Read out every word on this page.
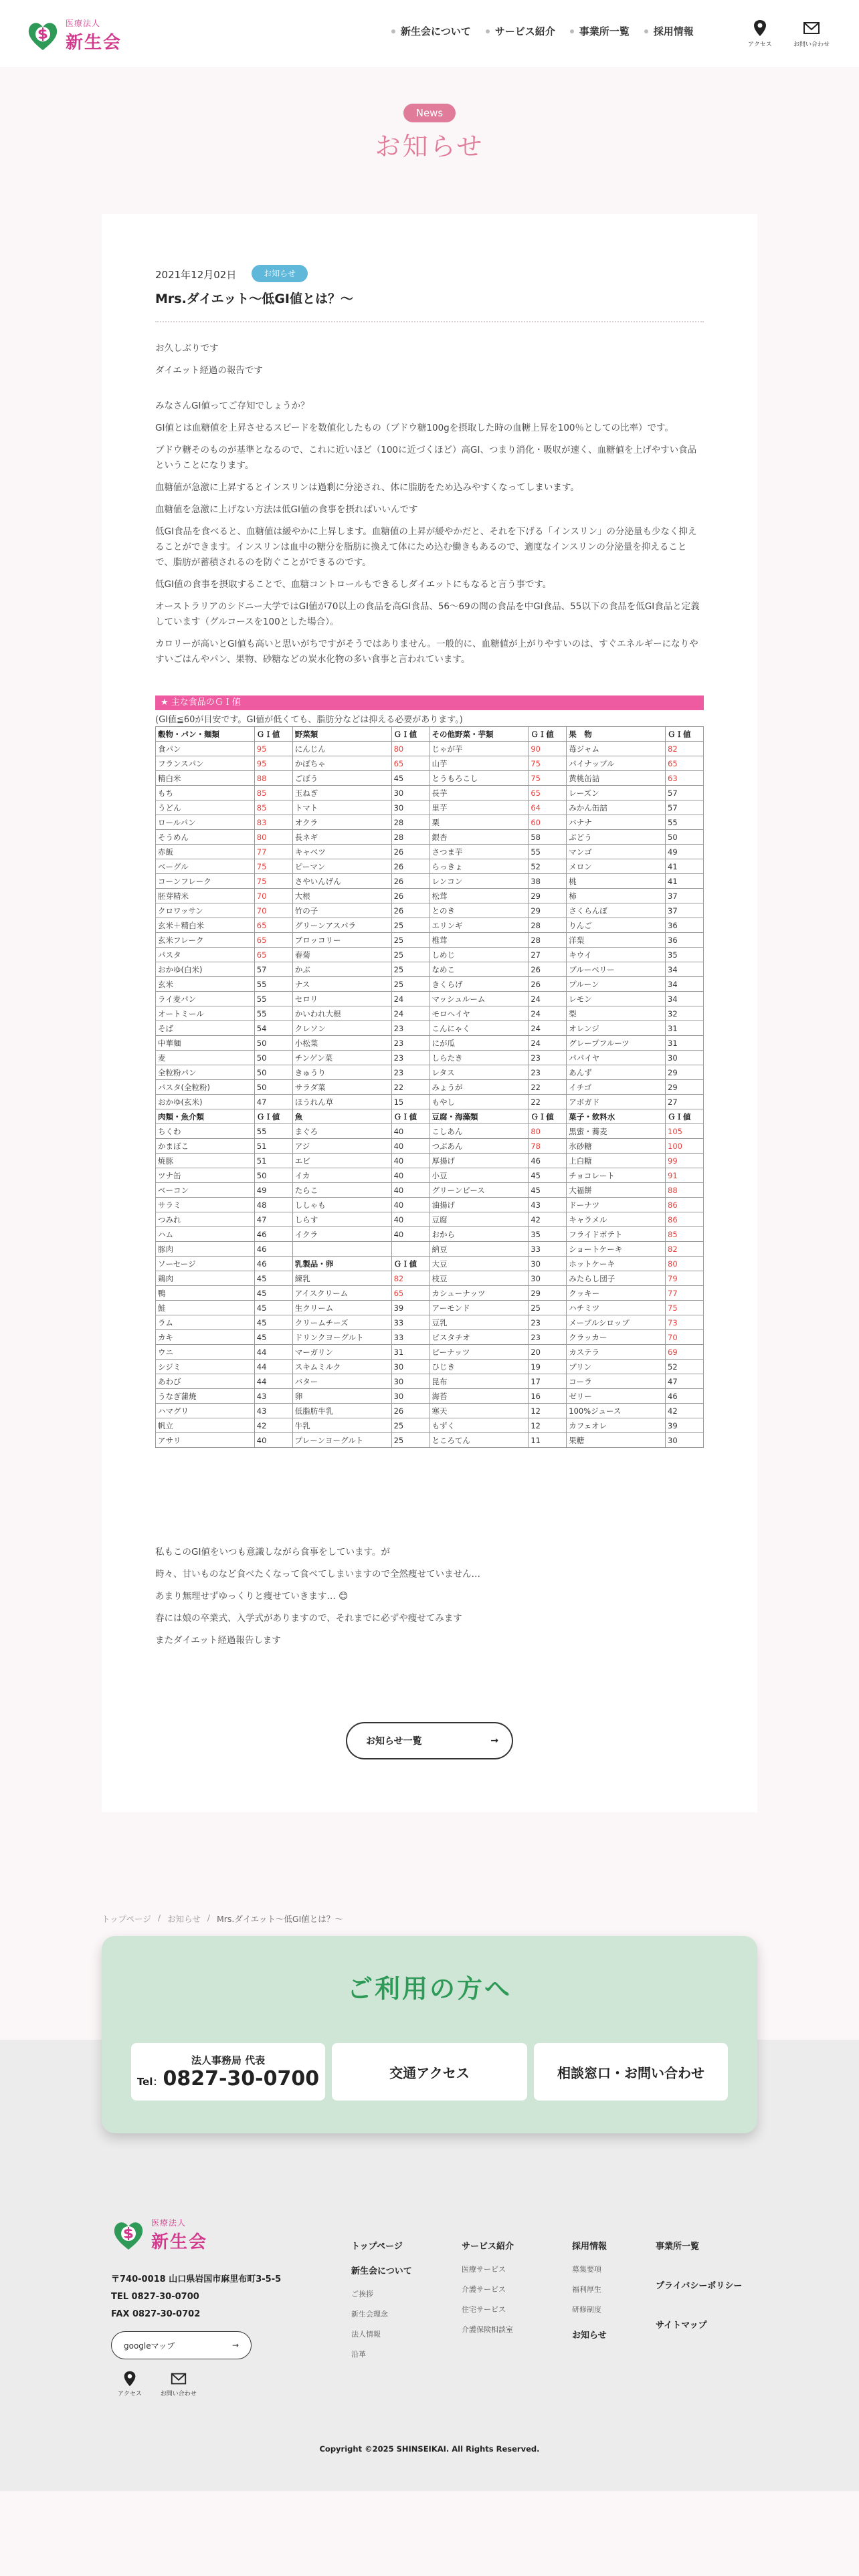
医療法人
新生会
新生会について サービス紹介 事業所一覧 採用情報
アクセス	お問い合わせ
News
お知らせ
2021年12月02日	お知らせ
Mrs.ダイエット～低GI値とは？～

お久しぶりです

ダイエット経過の報告です

みなさんGI値ってご存知でしょうか？

GI値とは血糖値を上昇させるスピードを数値化したもの（ブドウ糖100gを摂取した時の血糖上昇を100％としての比率）です。

ブドウ糖そのものが基準となるので、これに近いほど（100に近づくほど）高GI、つまり消化・吸収が速く、血糖値を上げやすい食品ということになります。

血糖値が急激に上昇するとインスリンは過剰に分泌され、体に脂肪をため込みやすくなってしまいます。

血糖値を急激に上げない方法は低GI値の食事を摂ればいいんです

低GI食品を食べると、血糖値は緩やかに上昇します。血糖値の上昇が緩やかだと、それを下げる「インスリン」の分泌量も少なく抑えることができます。インスリンは血中の糖分を脂肪に換えて体にため込む働きもあるので、適度なインスリンの分泌量を抑えることで、脂肪が蓄積されるのを防ぐことができるのです。

低GI値の食事を摂取することで、血糖コントロールもできるしダイエットにもなると言う事です。

オーストラリアのシドニー大学ではGI値が70以上の食品を高GI食品、56～69の間の食品を中GI食品、55以下の食品を低GI食品と定義しています（グルコースを100とした場合）。

カロリーが高いとGI値も高いと思いがちですがそうではありません。一般的に、血糖値が上がりやすいのは、すぐエネルギーになりやすいごはんやパン、果物、砂糖などの炭水化物の多い食事と言われています。

★ 主な食品のＧＩ値
(GI値≦60が目安です。GI値が低くても、脂肪分などは抑える必要があります。)
穀物・パン・麺類	ＧＩ値	野菜類	ＧＩ値	その他野菜・芋類	ＧＩ値	果　物	ＧＩ値
食パン	95	にんじん	80	じゃが芋	90	苺ジャム	82
フランスパン	95	かぼちゃ	65	山芋	75	パイナップル	65
精白米	88	ごぼう	45	とうもろこし	75	黄桃缶詰	63
もち	85	玉ねぎ	30	長芋	65	レーズン	57
うどん	85	トマト	30	里芋	64	みかん缶詰	57
ロールパン	83	オクラ	28	栗	60	バナナ	55
そうめん	80	長ネギ	28	銀杏	58	ぶどう	50
赤飯	77	キャベツ	26	さつま芋	55	マンゴ	49
ベーグル	75	ピーマン	26	らっきょ	52	メロン	41
コーンフレーク	75	さやいんげん	26	レンコン	38	桃	41
胚芽精米	70	大根	26	松茸	29	柿	37
クロワッサン	70	竹の子	26	とのき	29	さくらんぼ	37
玄米＋精白米	65	グリーンアスパラ	25	エリンギ	28	りんご	36
玄米フレーク	65	ブロッコリー	25	椎茸	28	洋梨	36
パスタ	65	春菊	25	しめじ	27	キウイ	35
おかゆ(白米)	57	かぶ	25	なめこ	26	ブルーベリー	34
玄米	55	ナス	25	きくらげ	26	プルーン	34
ライ麦パン	55	セロリ	24	マッシュルーム	24	レモン	34
オートミール	55	かいわれ大根	24	モロヘイヤ	24	梨	32
そば	54	クレソン	23	こんにゃく	24	オレンジ	31
中華麺	50	小松菜	23	にが瓜	24	グレープフルーツ	31
麦	50	チンゲン菜	23	しらたき	23	パパイヤ	30
全粒粉パン	50	きゅうり	23	レタス	23	あんず	29
パスタ(全粒粉)	50	サラダ菜	22	みょうが	22	イチゴ	29
おかゆ(玄米)	47	ほうれん草	15	もやし	22	アボガド	27
肉類・魚介類	ＧＩ値	魚	ＧＩ値	豆腐・海藻類	ＧＩ値	菓子・飲料水	ＧＩ値
ちくわ	55	まぐろ	40	こしあん	80	黒蜜・蕎麦	105
かまぼこ	51	アジ	40	つぶあん	78	氷砂糖	100
焼豚	51	エビ	40	厚揚げ	46	上白糖	99
ツナ缶	50	イカ	40	小豆	45	チョコレート	91
ベーコン	49	たらこ	40	グリーンピース	45	大福餅	88
サラミ	48	ししゃも	40	油揚げ	43	ドーナツ	86
つみれ	47	しらす	40	豆腐	42	キャラメル	86
ハム	46	イクラ	40	おから	35	フライドポテト	85
豚肉	46			納豆	33	ショートケーキ	82
ソーセージ	46	乳製品・卵	ＧＩ値	大豆	30	ホットケーキ	80
鶏肉	45	練乳	82	枝豆	30	みたらし団子	79
鴨	45	アイスクリーム	65	カシューナッツ	29	クッキー	77
鮭	45	生クリーム	39	アーモンド	25	ハチミツ	75
ラム	45	クリームチーズ	33	豆乳	23	メープルシロップ	73
カキ	45	ドリンクヨーグルト	33	ピスタチオ	23	クラッカー	70
ウニ	44	マーガリン	31	ピーナッツ	20	カステラ	69
シジミ	44	スキムミルク	30	ひじき	19	プリン	52
あわび	44	バター	30	昆布	17	コーラ	47
うなぎ蒲焼	43	卵	30	海苔	16	ゼリー	46
ハマグリ	43	低脂肪牛乳	26	寒天	12	100%ジュース	42
帆立	42	牛乳	25	もずく	12	カフェオレ	39
アサリ	40	プレーンヨーグルト	25	ところてん	11	果糖	30

私もこのGI値をいつも意識しながら食事をしています。が

時々、甘いものなど食べたくなって食べてしまいますので全然痩せていません…

あまり無理せずゆっくりと痩せていきます… 😊

春には娘の卒業式、入学式がありますので、それまでに必ずや痩せてみます

またダイエット経過報告します

お知らせ一覧	→
トップページ / お知らせ / Mrs.ダイエット～低GI値とは？～
ご利用の方へ
法人事務局 代表
Tel：0827-30-0700	交通アクセス	相談窓口・お問い合わせ
医療法人
新生会
〒740-0018 山口県岩国市麻里布町3-5-5
TEL 0827-30-0700
FAX 0827-30-0702
googleマップ	→
アクセス	お問い合わせ
トップページ
新生会について
ご挨拶
新生会理念
法人情報
沿革
サービス紹介
医療サービス
介護サービス
住宅サービス
介護保険相談室
採用情報
募集要項
福利厚生
研修制度
お知らせ
事業所一覧
プライバシーポリシー
サイトマップ
Copyright ©2025 SHINSEIKAI. All Rights Reserved.
